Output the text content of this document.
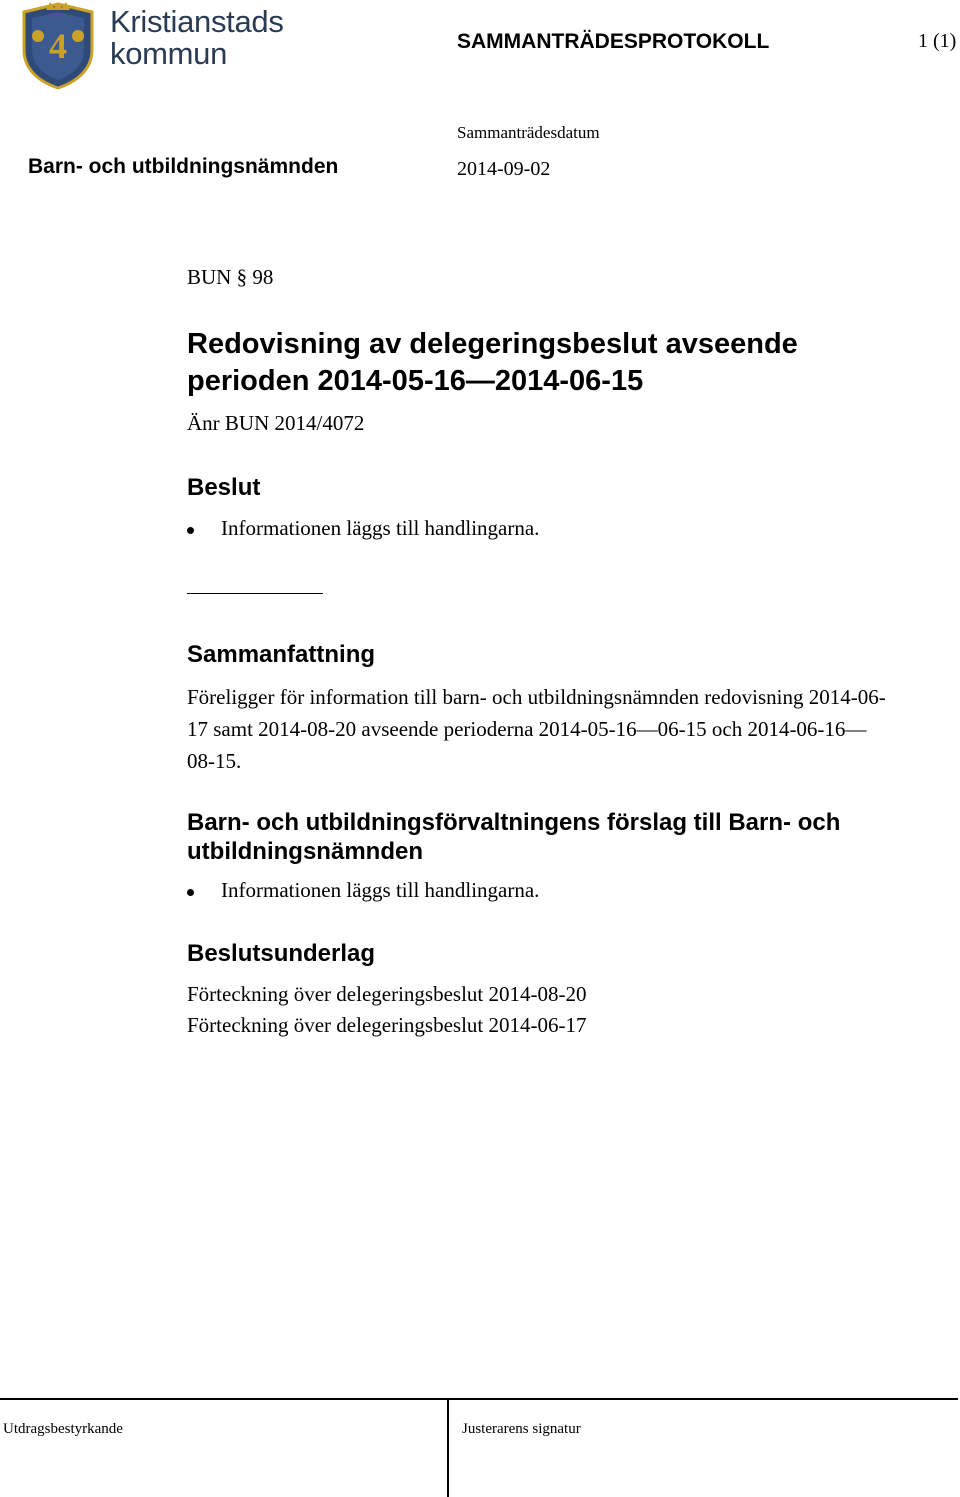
4
Kristianstads
kommun	SAMMANTRÄDESPROTOKOLL	1 (1)
Sammanträdesdatum
Barn- och utbildningsnämnden	2014-09-02
BUN § 98
Redovisning av delegeringsbeslut avseende
perioden 2014-05-16—2014-06-15
Änr BUN 2014/4072
Beslut
Informationen läggs till handlingarna.
Sammanfattning
Föreligger för information till barn- och utbildningsnämnden redovisning 2014-06-17 samt 2014-08-20 avseende perioderna 2014-05-16—06-15 och 2014-06-16—08-15.
Barn- och utbildningsförvaltningens förslag till Barn- och utbildningsnämnden
Informationen läggs till handlingarna.
Beslutsunderlag
Förteckning över delegeringsbeslut 2014-08-20
Förteckning över delegeringsbeslut 2014-06-17
Utdragsbestyrkande	Justerarens signatur
